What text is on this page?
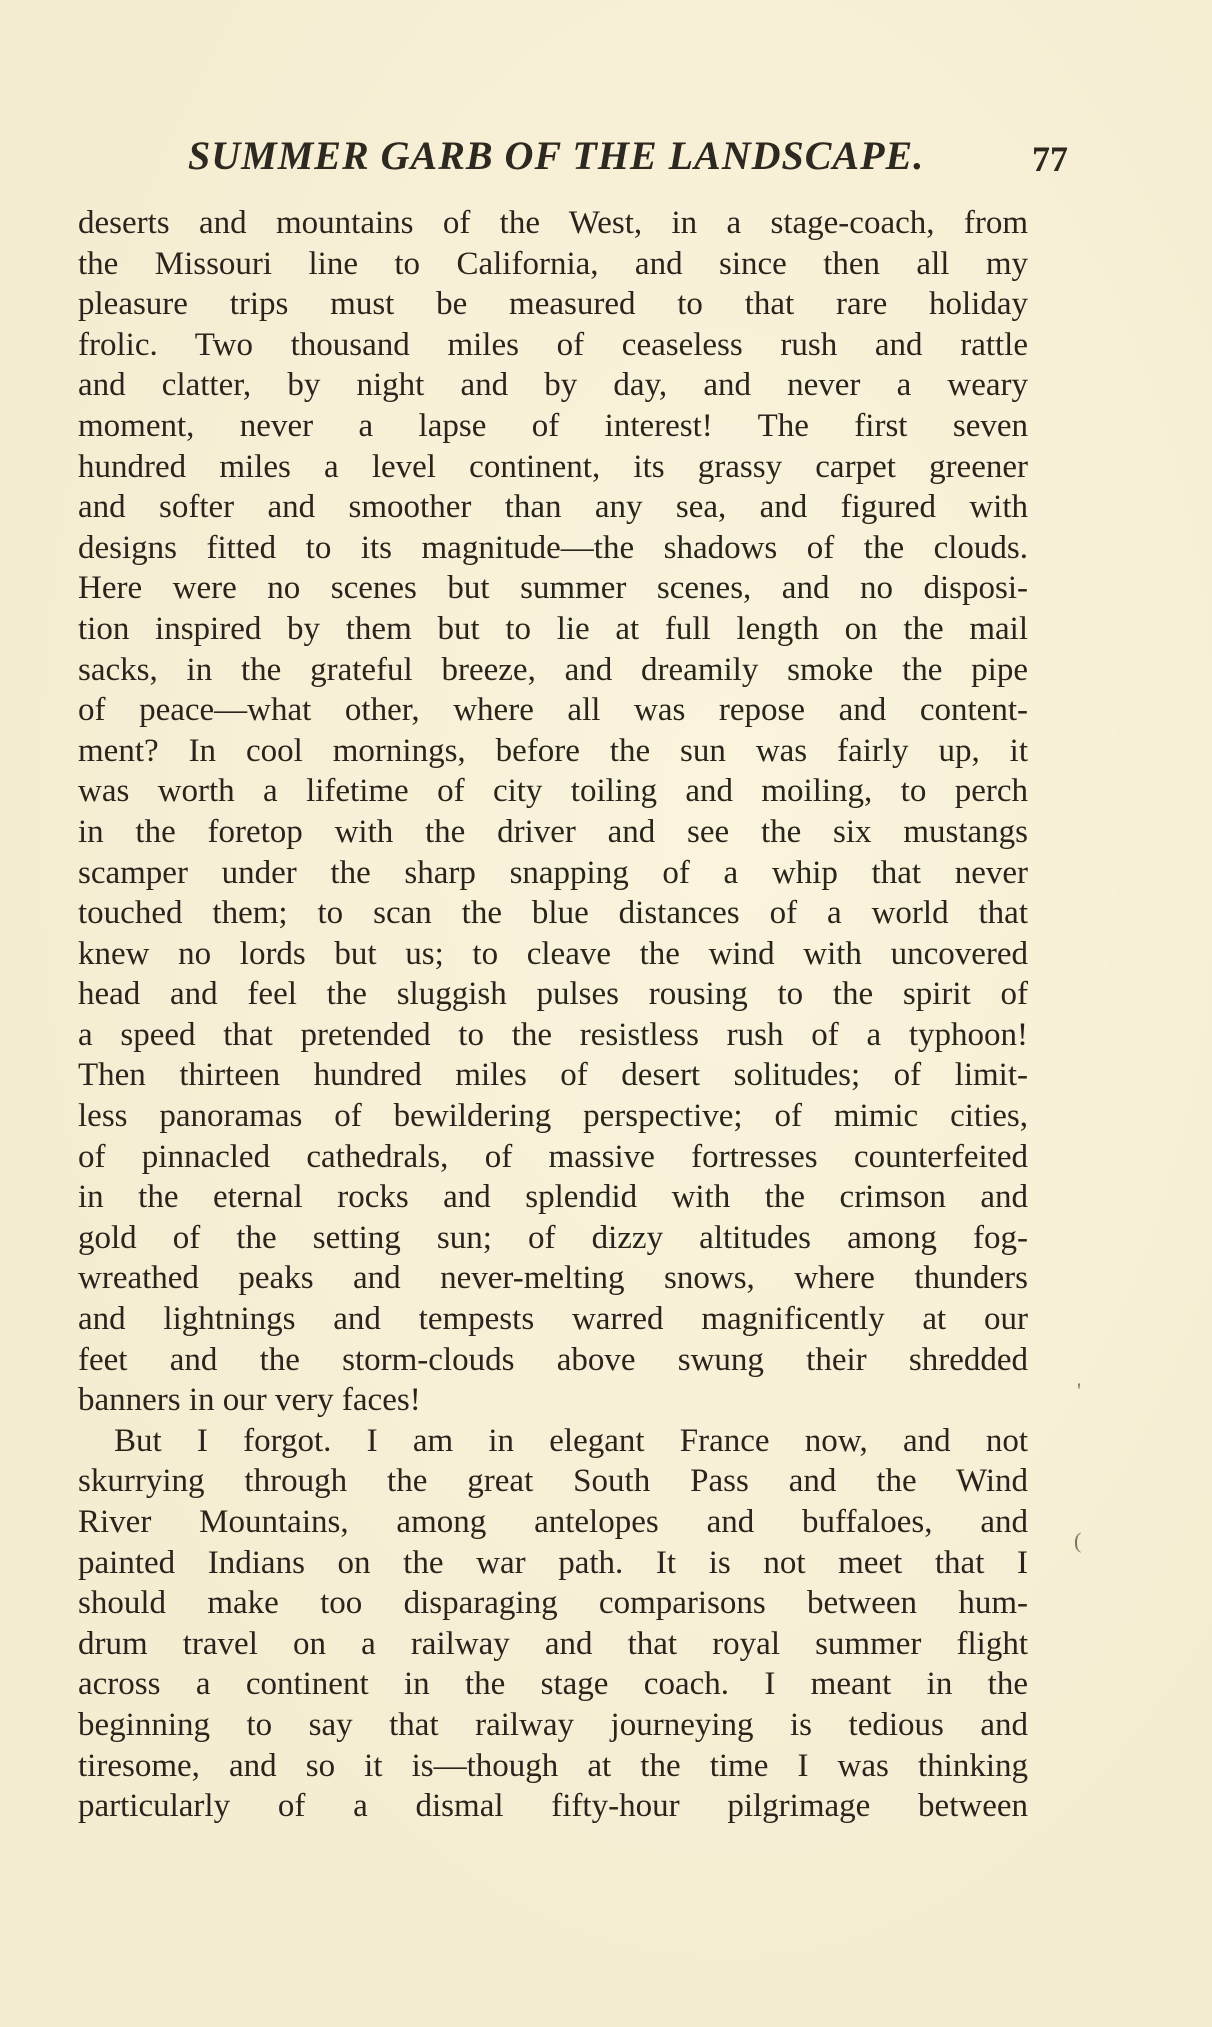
SUMMER GARB OF THE LANDSCAPE.	77
deserts and mountains of the West, in a stage-coach, from
the Missouri line to California, and since then all my
pleasure trips must be measured to that rare holiday
frolic. Two thousand miles of ceaseless rush and rattle
and clatter, by night and by day, and never a weary
moment, never a lapse of interest! The first seven
hundred miles a level continent, its grassy carpet greener
and softer and smoother than any sea, and figured with
designs fitted to its magnitude—the shadows of the clouds.
Here were no scenes but summer scenes, and no disposi-
tion inspired by them but to lie at full length on the mail
sacks, in the grateful breeze, and dreamily smoke the pipe
of peace—what other, where all was repose and content-
ment? In cool mornings, before the sun was fairly up, it
was worth a lifetime of city toiling and moiling, to perch
in the foretop with the driver and see the six mustangs
scamper under the sharp snapping of a whip that never
touched them; to scan the blue distances of a world that
knew no lords but us; to cleave the wind with uncovered
head and feel the sluggish pulses rousing to the spirit of
a speed that pretended to the resistless rush of a typhoon!
Then thirteen hundred miles of desert solitudes; of limit-
less panoramas of bewildering perspective; of mimic cities,
of pinnacled cathedrals, of massive fortresses counterfeited
in the eternal rocks and splendid with the crimson and
gold of the setting sun; of dizzy altitudes among fog-
wreathed peaks and never-melting snows, where thunders
and lightnings and tempests warred magnificently at our
feet and the storm-clouds above swung their shredded
banners in our very faces!
But I forgot. I am in elegant France now, and not
skurrying through the great South Pass and the Wind
River Mountains, among antelopes and buffaloes, and
painted Indians on the war path. It is not meet that I
should make too disparaging comparisons between hum-
drum travel on a railway and that royal summer flight
across a continent in the stage coach. I meant in the
beginning to say that railway journeying is tedious and
tiresome, and so it is—though at the time I was thinking
particularly of a dismal fifty-hour pilgrimage between
'
(
